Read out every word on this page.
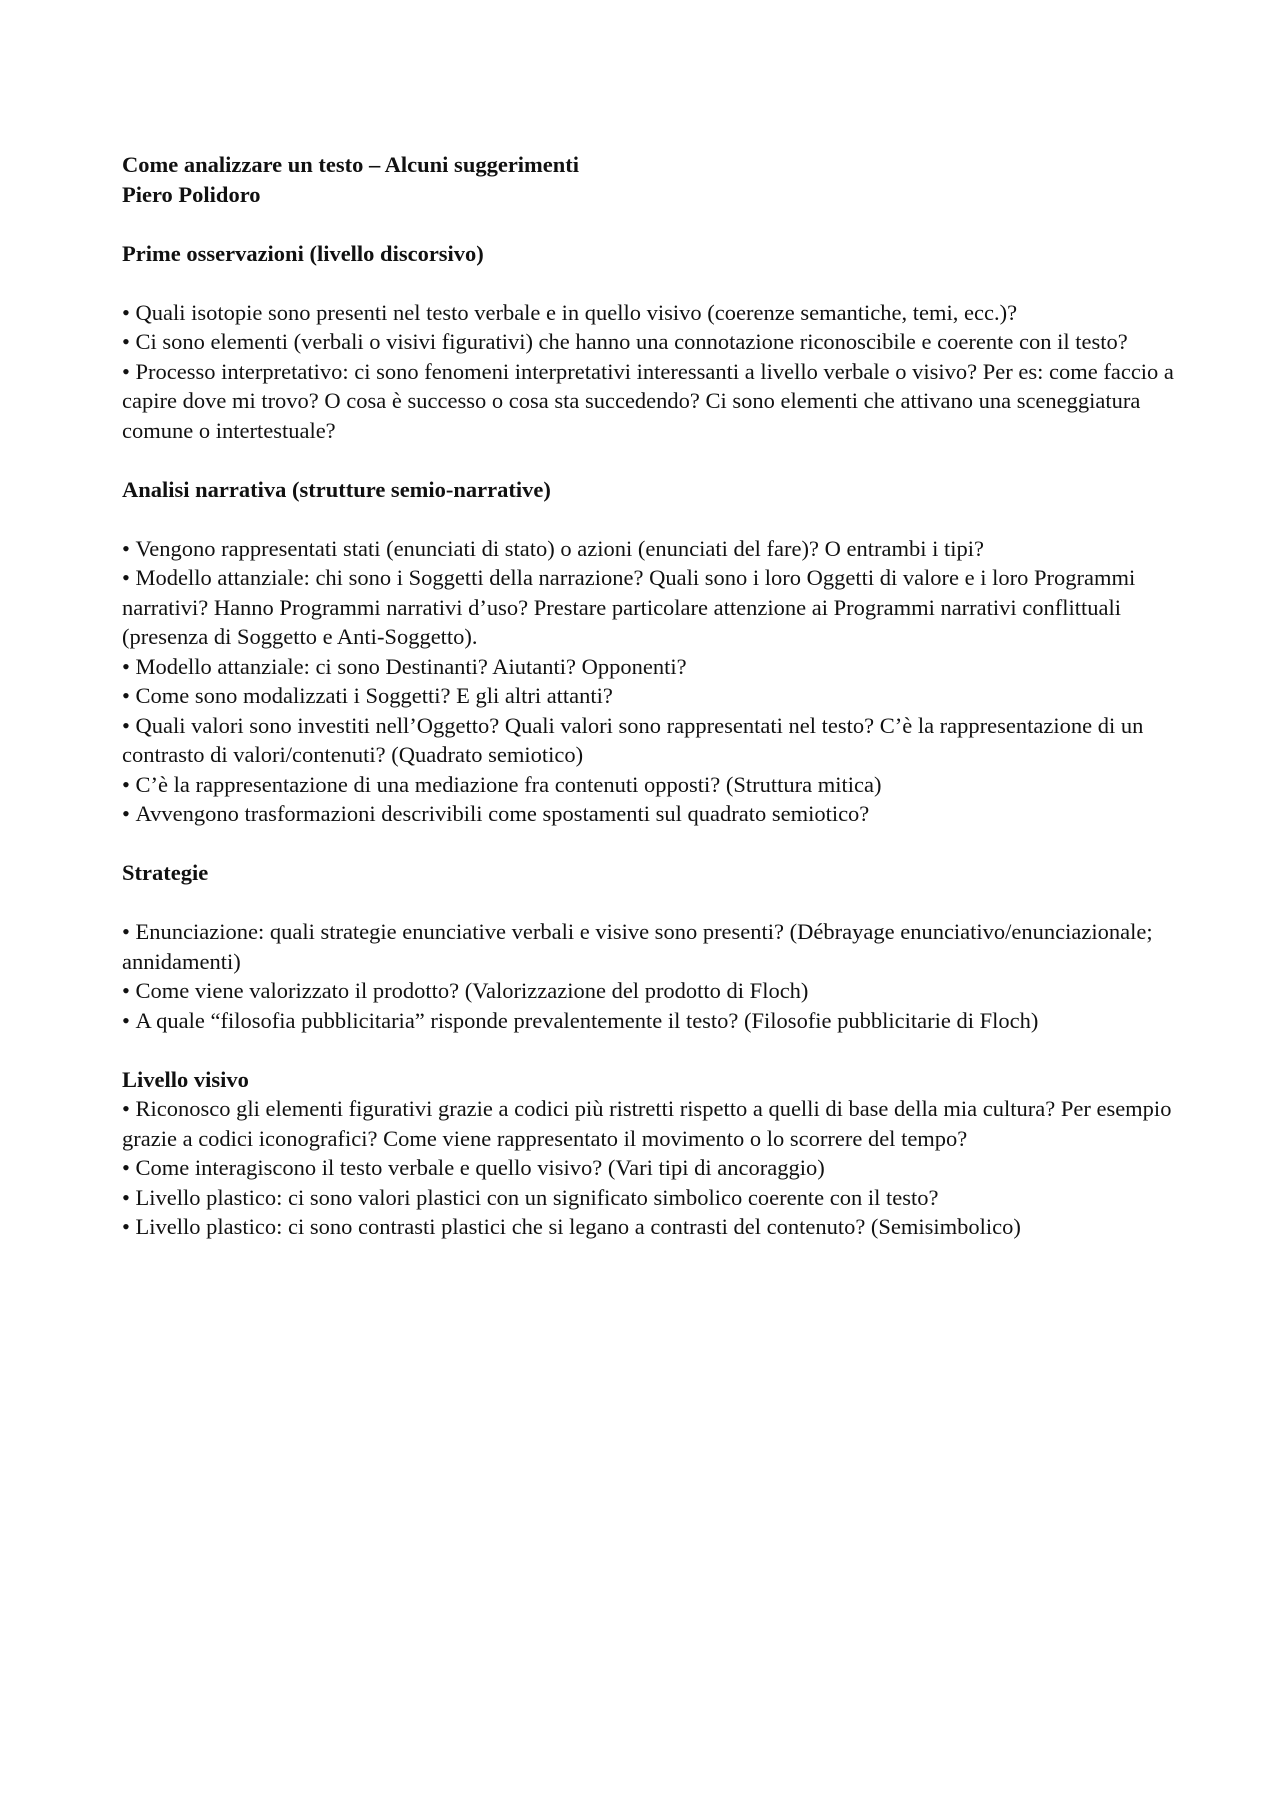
Come analizzare un testo – Alcuni suggerimenti

Piero Polidoro

Prime osservazioni (livello discorsivo)

• Quali isotopie sono presenti nel testo verbale e in quello visivo (coerenze semantiche, temi, ecc.)?
• Ci sono elementi (verbali o visivi figurativi) che hanno una connotazione riconoscibile e coerente con il testo?
• Processo interpretativo: ci sono fenomeni interpretativi interessanti a livello verbale o visivo? Per es: come faccio a capire dove mi trovo? O cosa è successo o cosa sta succedendo? Ci sono elementi che attivano una sceneggiatura comune o intertestuale?

Analisi narrativa (strutture semio-narrative)

• Vengono rappresentati stati (enunciati di stato) o azioni (enunciati del fare)? O entrambi i tipi?
• Modello attanziale: chi sono i Soggetti della narrazione? Quali sono i loro Oggetti di valore e i loro Programmi narrativi? Hanno Programmi narrativi d’uso? Prestare particolare attenzione ai Programmi narrativi conflittuali (presenza di Soggetto e Anti-Soggetto).
• Modello attanziale: ci sono Destinanti? Aiutanti? Opponenti?
• Come sono modalizzati i Soggetti? E gli altri attanti?
• Quali valori sono investiti nell’Oggetto? Quali valori sono rappresentati nel testo? C’è la rappresentazione di un contrasto di valori/contenuti? (Quadrato semiotico)
• C’è la rappresentazione di una mediazione fra contenuti opposti? (Struttura mitica)
• Avvengono trasformazioni descrivibili come spostamenti sul quadrato semiotico?

Strategie

• Enunciazione: quali strategie enunciative verbali e visive sono presenti? (Débrayage enunciativo/enunciazionale; annidamenti)
• Come viene valorizzato il prodotto? (Valorizzazione del prodotto di Floch)
• A quale “filosofia pubblicitaria” risponde prevalentemente il testo? (Filosofie pubblicitarie di Floch)

Livello visivo

• Riconosco gli elementi figurativi grazie a codici più ristretti rispetto a quelli di base della mia cultura? Per esempio grazie a codici iconografici? Come viene rappresentato il movimento o lo scorrere del tempo?
• Come interagiscono il testo verbale e quello visivo? (Vari tipi di ancoraggio)
• Livello plastico: ci sono valori plastici con un significato simbolico coerente con il testo?
• Livello plastico: ci sono contrasti plastici che si legano a contrasti del contenuto? (Semisimbolico)
